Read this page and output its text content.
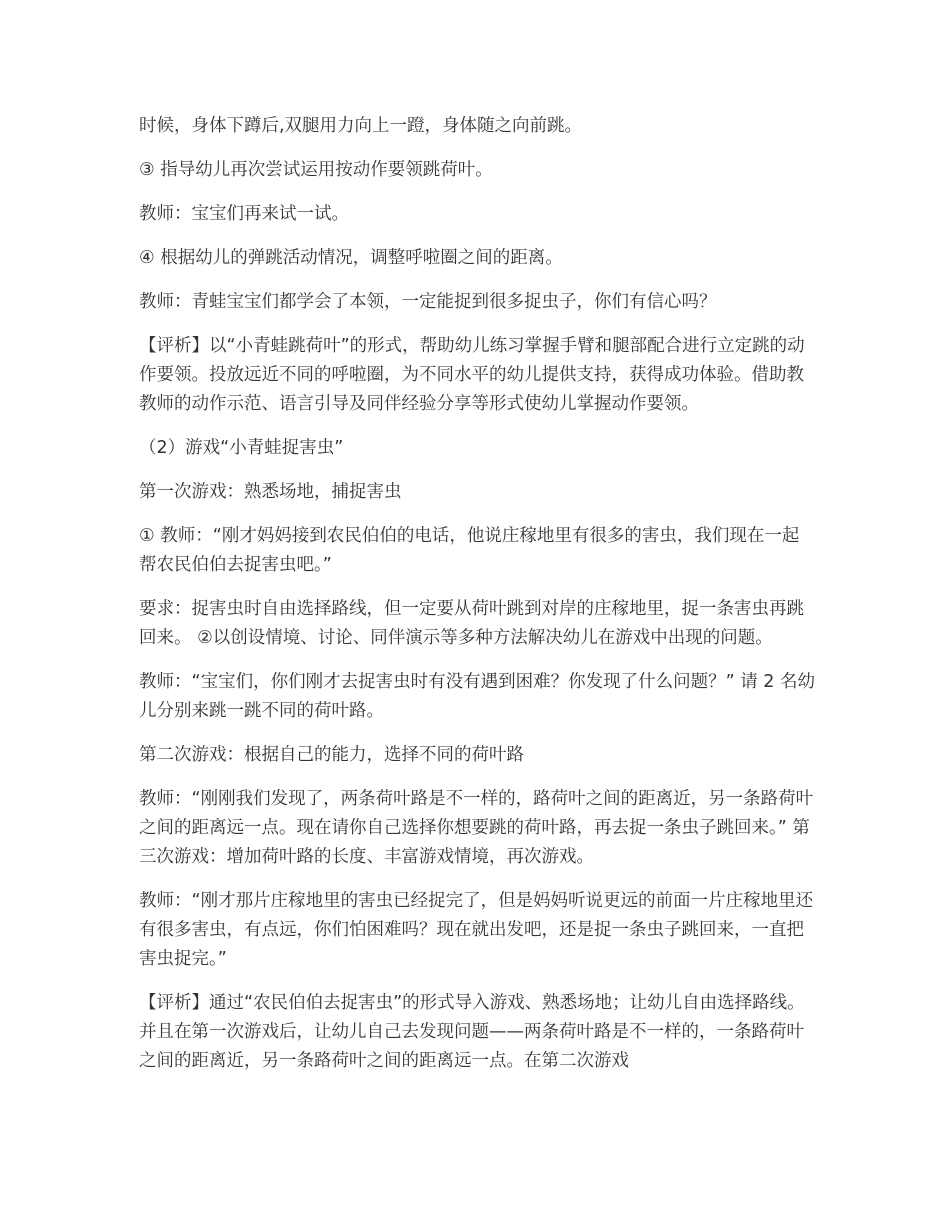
时候，身体下蹲后,双腿用力向上一蹬，身体随之向前跳。

③ 指导幼儿再次尝试运用按动作要领跳荷叶。

教师：宝宝们再来试一试。

④ 根据幼儿的弹跳活动情况，调整呼啦圈之间的距离。

教师：青蛙宝宝们都学会了本领，一定能捉到很多捉虫子，你们有信心吗？

【评析】以“小青蛙跳荷叶”的形式，帮助幼儿练习掌握手臂和腿部配合进行立定跳的动作要领。投放远近不同的呼啦圈，为不同水平的幼儿提供支持，获得成功体验。借助教教师的动作示范、语言引导及同伴经验分享等形式使幼儿掌握动作要领。

（2）游戏“小青蛙捉害虫”

第一次游戏：熟悉场地，捕捉害虫

① 教师：“刚才妈妈接到农民伯伯的电话，他说庄稼地里有很多的害虫，我们现在一起帮农民伯伯去捉害虫吧。”

要求：捉害虫时自由选择路线，但一定要从荷叶跳到对岸的庄稼地里，捉一条害虫再跳回来。 ②以创设情境、讨论、同伴演示等多种方法解决幼儿在游戏中出现的问题。

教师：“宝宝们，你们刚才去捉害虫时有没有遇到困难？你发现了什么问题？” 请 2 名幼儿分别来跳一跳不同的荷叶路。

第二次游戏：根据自己的能力，选择不同的荷叶路

教师：“刚刚我们发现了，两条荷叶路是不一样的，路荷叶之间的距离近，另一条路荷叶之间的距离远一点。现在请你自己选择你想要跳的荷叶路，再去捉一条虫子跳回来。” 第三次游戏：增加荷叶路的长度、丰富游戏情境，再次游戏。

教师：“刚才那片庄稼地里的害虫已经捉完了，但是妈妈听说更远的前面一片庄稼地里还有很多害虫，有点远，你们怕困难吗？现在就出发吧，还是捉一条虫子跳回来，一直把害虫捉完。”

【评析】通过“农民伯伯去捉害虫”的形式导入游戏、熟悉场地；让幼儿自由选择路线。并且在第一次游戏后，让幼儿自己去发现问题——两条荷叶路是不一样的，一条路荷叶之间的距离近，另一条路荷叶之间的距离远一点。在第二次游戏
